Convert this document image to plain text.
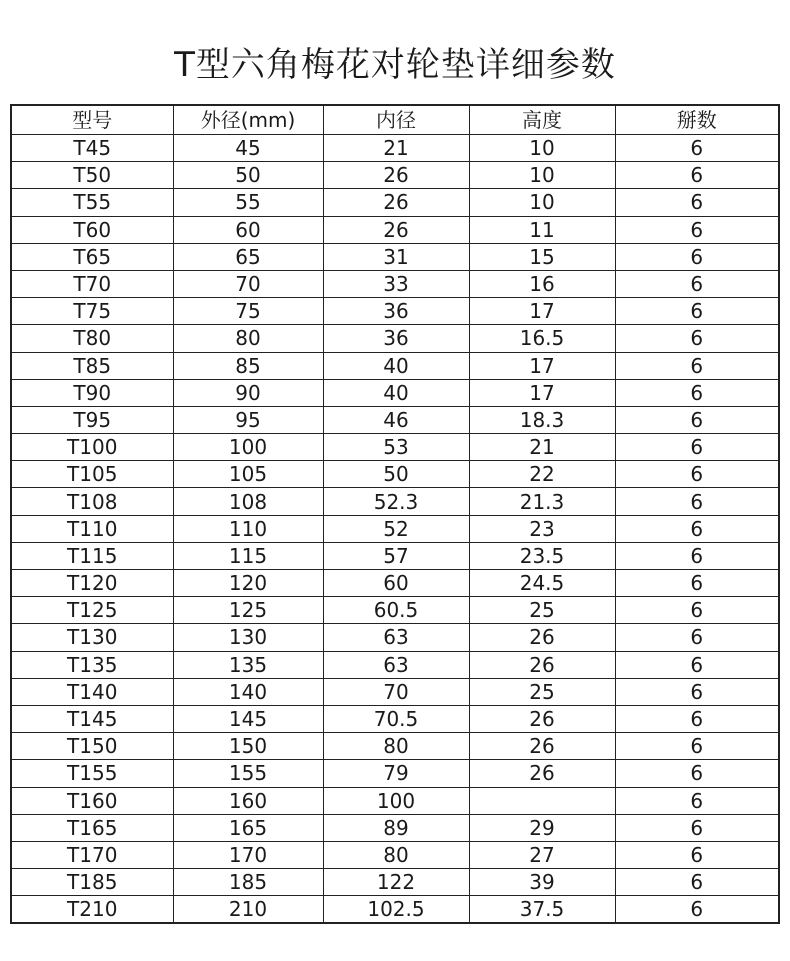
T型六角梅花对轮垫详细参数
型号	外径(mm)	内径	高度	掰数
T45	45	21	10	6
T50	50	26	10	6
T55	55	26	10	6
T60	60	26	11	6
T65	65	31	15	6
T70	70	33	16	6
T75	75	36	17	6
T80	80	36	16.5	6
T85	85	40	17	6
T90	90	40	17	6
T95	95	46	18.3	6
T100	100	53	21	6
T105	105	50	22	6
T108	108	52.3	21.3	6
T110	110	52	23	6
T115	115	57	23.5	6
T120	120	60	24.5	6
T125	125	60.5	25	6
T130	130	63	26	6
T135	135	63	26	6
T140	140	70	25	6
T145	145	70.5	26	6
T150	150	80	26	6
T155	155	79	26	6
T160	160	100		6
T165	165	89	29	6
T170	170	80	27	6
T185	185	122	39	6
T210	210	102.5	37.5	6
